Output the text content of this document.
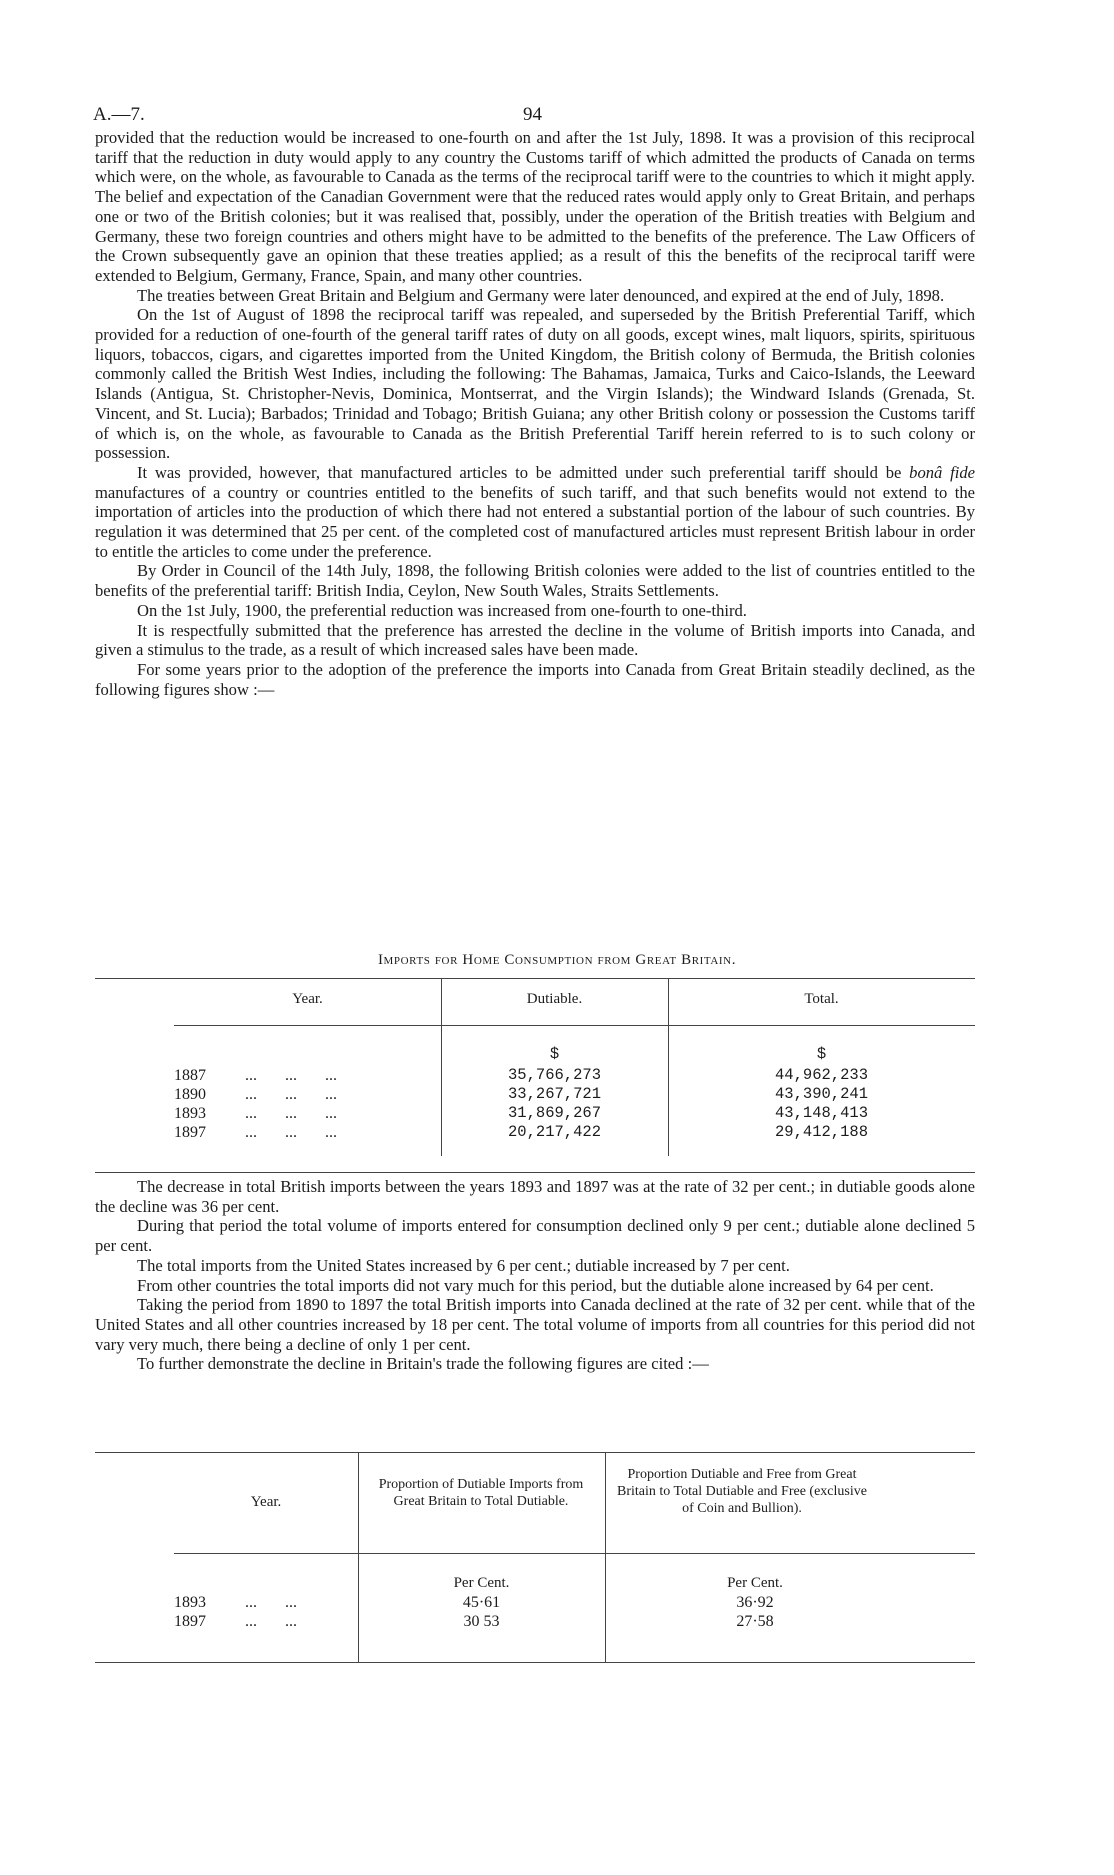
A.—7.	94

provided that the reduction would be increased to one-fourth on and after the 1st July, 1898. It was a provision of this reciprocal tariff that the reduction in duty would apply to any country the Customs tariff of which admitted the products of Canada on terms which were, on the whole, as favourable to Canada as the terms of the reciprocal tariff were to the countries to which it might apply. The belief and expectation of the Canadian Government were that the reduced rates would apply only to Great Britain, and perhaps one or two of the British colonies; but it was realised that, possibly, under the operation of the British treaties with Belgium and Germany, these two foreign countries and others might have to be admitted to the benefits of the preference. The Law Officers of the Crown subsequently gave an opinion that these treaties applied; as a result of this the benefits of the reciprocal tariff were extended to Belgium, Germany, France, Spain, and many other countries.

The treaties between Great Britain and Belgium and Germany were later denounced, and expired at the end of July, 1898.

On the 1st of August of 1898 the reciprocal tariff was repealed, and superseded by the British Preferential Tariff, which provided for a reduction of one-fourth of the general tariff rates of duty on all goods, except wines, malt liquors, spirits, spirituous liquors, tobaccos, cigars, and cigarettes imported from the United Kingdom, the British colony of Bermuda, the British colonies commonly called the British West Indies, including the following: The Bahamas, Jamaica, Turks and Caico-Islands, the Leeward Islands (Antigua, St. Christopher-Nevis, Dominica, Montserrat, and the Virgin Islands); the Windward Islands (Grenada, St. Vincent, and St. Lucia); Barbados; Trinidad and Tobago; British Guiana; any other British colony or possession the Customs tariff of which is, on the whole, as favourable to Canada as the British Preferential Tariff herein referred to is to such colony or possession.

It was provided, however, that manufactured articles to be admitted under such preferential tariff should be bonâ fide manufactures of a country or countries entitled to the benefits of such tariff, and that such benefits would not extend to the importation of articles into the production of which there had not entered a substantial portion of the labour of such countries. By regulation it was determined that 25 per cent. of the completed cost of manufactured articles must represent British labour in order to entitle the articles to come under the preference.

By Order in Council of the 14th July, 1898, the following British colonies were added to the list of countries entitled to the benefits of the preferential tariff: British India, Ceylon, New South Wales, Straits Settlements.

On the 1st July, 1900, the preferential reduction was increased from one-fourth to one-third.

It is respectfully submitted that the preference has arrested the decline in the volume of British imports into Canada, and given a stimulus to the trade, as a result of which increased sales have been made.

For some years prior to the adoption of the preference the imports into Canada from Great Britain steadily declined, as the following figures show :—

Imports for Home Consumption from Great Britain.
Year.	Dutiable.	Total.
$	$
1887 ...       ...       ...	35,766,273	44,962,233
1890 ...       ...       ...	33,267,721	43,390,241
1893 ...       ...       ...	31,869,267	43,148,413
1897 ...       ...       ...	20,217,422	29,412,188

The decrease in total British imports between the years 1893 and 1897 was at the rate of 32 per cent.; in dutiable goods alone the decline was 36 per cent.

During that period the total volume of imports entered for consumption declined only 9 per cent.; dutiable alone declined 5 per cent.

The total imports from the United States increased by 6 per cent.; dutiable increased by 7 per cent.

From other countries the total imports did not vary much for this period, but the dutiable alone increased by 64 per cent.

Taking the period from 1890 to 1897 the total British imports into Canada declined at the rate of 32 per cent. while that of the United States and all other countries increased by 18 per cent. The total volume of imports from all countries for this period did not vary very much, there being a decline of only 1 per cent.

To further demonstrate the decline in Britain's trade the following figures are cited :—

Year.
Proportion of Dutiable Imports from Great Britain to Total Dutiable.
Proportion Dutiable and Free from Great Britain to Total Dutiable and Free (exclusive of Coin and Bullion).
Per Cent.	Per Cent.
1893 ...       ...	45·61	36·92
1897 ...       ...	30 53	27·58
